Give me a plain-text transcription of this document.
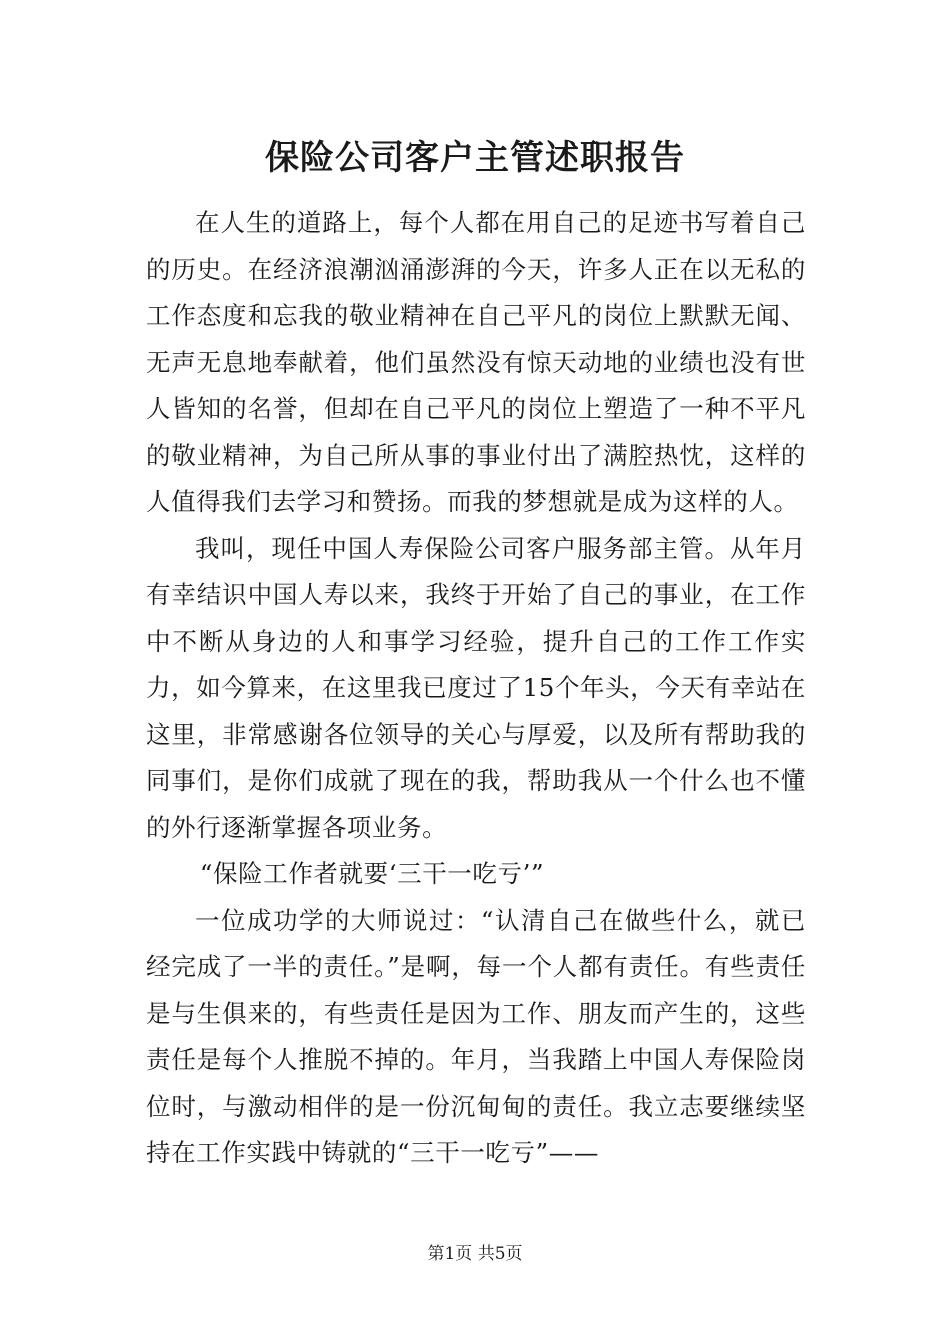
保险公司客户主管述职报告

在人生的道路上，每个人都在用自己的足迹书写着自己的历史。在经济浪潮汹涌澎湃的今天，许多人正在以无私的工作态度和忘我的敬业精神在自己平凡的岗位上默默无闻、无声无息地奉献着，他们虽然没有惊天动地的业绩也没有世人皆知的名誉，但却在自己平凡的岗位上塑造了一种不平凡的敬业精神，为自己所从事的事业付出了满腔热忱，这样的人值得我们去学习和赞扬。而我的梦想就是成为这样的人。

我叫，现任中国人寿保险公司客户服务部主管。从年月有幸结识中国人寿以来，我终于开始了自己的事业，在工作中不断从身边的人和事学习经验，提升自己的工作工作实力，如今算来，在这里我已度过了15个年头，今天有幸站在这里，非常感谢各位领导的关心与厚爱，以及所有帮助我的同事们，是你们成就了现在的我，帮助我从一个什么也不懂的外行逐渐掌握各项业务。

“保险工作者就要‘三干一吃亏’”

一位成功学的大师说过：“认清自己在做些什么，就已经完成了一半的责任。”是啊，每一个人都有责任。有些责任是与生俱来的，有些责任是因为工作、朋友而产生的，这些责任是每个人推脱不掉的。年月，当我踏上中国人寿保险岗位时，与激动相伴的是一份沉甸甸的责任。我立志要继续坚持在工作实践中铸就的“三干一吃亏”——

第1页 共5页
